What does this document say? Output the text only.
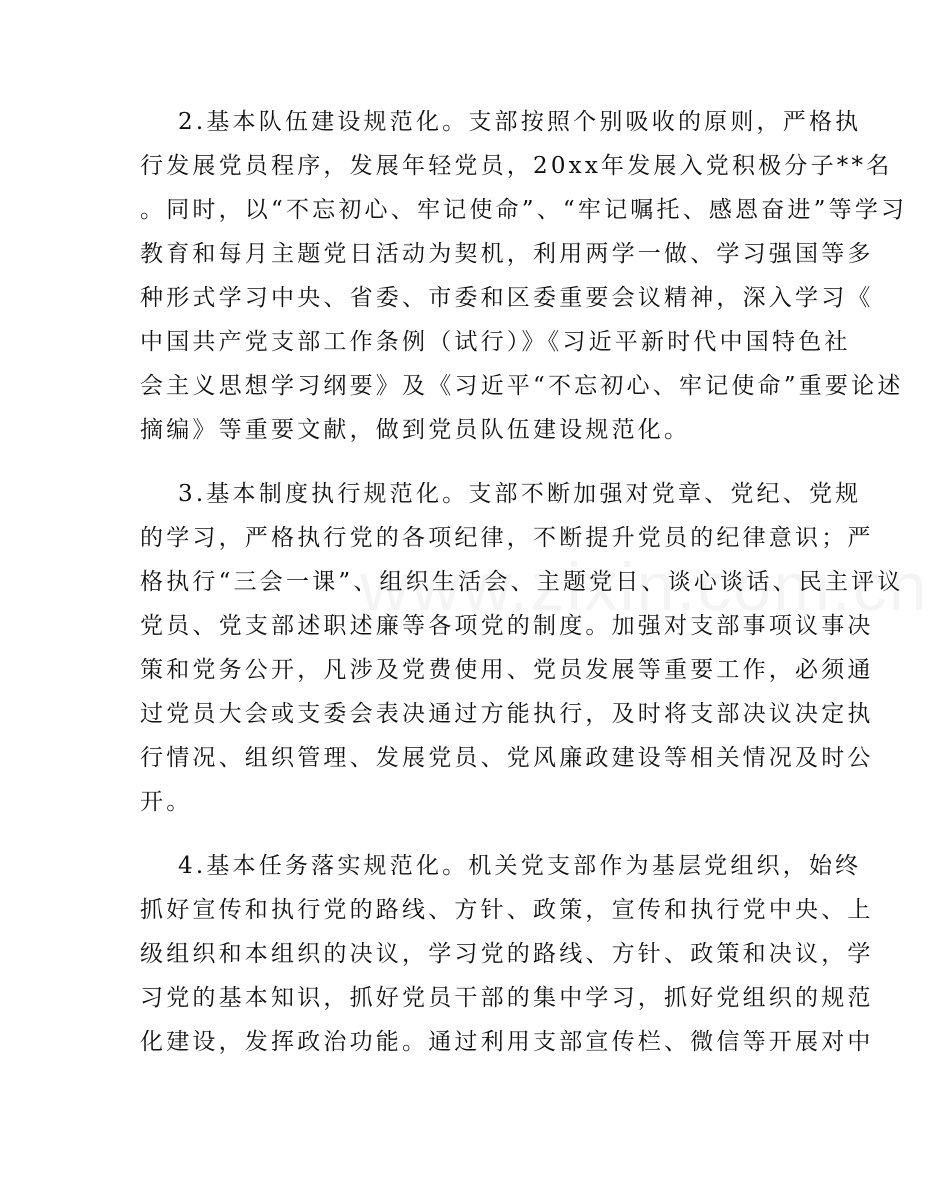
2.基本队伍建设规范化。支部按照个别吸收的原则，严格执
行发展党员程序，发展年轻党员，20xx年发展入党积极分子**名
。同时，以“不忘初心、牢记使命”、“牢记嘱托、感恩奋进”等学习
教育和每月主题党日活动为契机，利用两学一做、学习强国等多
种形式学习中央、省委、市委和区委重要会议精神，深入学习《
中国共产党支部工作条例（试行）》《习近平新时代中国特色社
会主义思想学习纲要》及《习近平“不忘初心、牢记使命”重要论述
摘编》等重要文献，做到党员队伍建设规范化。
3.基本制度执行规范化。支部不断加强对党章、党纪、党规
的学习，严格执行党的各项纪律，不断提升党员的纪律意识；严
格执行“三会一课”、组织生活会、主题党日、谈心谈话、民主评议
党员、党支部述职述廉等各项党的制度。加强对支部事项议事决
策和党务公开，凡涉及党费使用、党员发展等重要工作，必须通
过党员大会或支委会表决通过方能执行，及时将支部决议决定执
行情况、组织管理、发展党员、党风廉政建设等相关情况及时公
开。
4.基本任务落实规范化。机关党支部作为基层党组织，始终
抓好宣传和执行党的路线、方针、政策，宣传和执行党中央、上
级组织和本组织的决议，学习党的路线、方针、政策和决议，学
习党的基本知识，抓好党员干部的集中学习，抓好党组织的规范
化建设，发挥政治功能。通过利用支部宣传栏、微信等开展对中
